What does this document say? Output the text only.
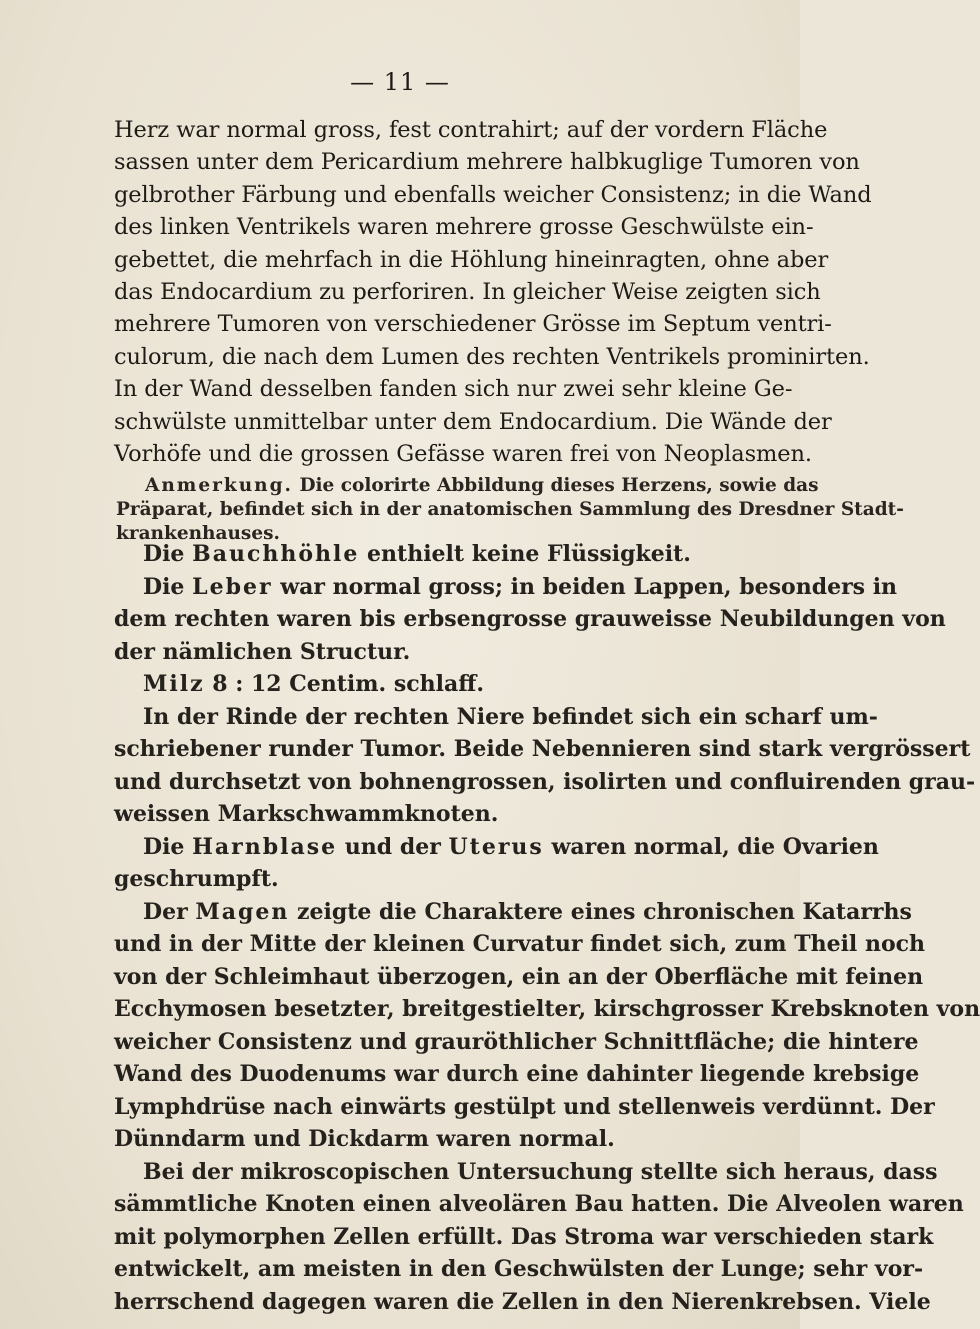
— 11 —
Herz war normal gross, fest contrahirt; auf der vordern Fläche
sassen unter dem Pericardium mehrere halbkuglige Tumoren von
gelbrother Färbung und ebenfalls weicher Consistenz; in die Wand
des linken Ventrikels waren mehrere grosse Geschwülste ein-
gebettet, die mehrfach in die Höhlung hineinragten, ohne aber
das Endocardium zu perforiren. In gleicher Weise zeigten sich
mehrere Tumoren von verschiedener Grösse im Septum ventri-
culorum, die nach dem Lumen des rechten Ventrikels prominirten.
In der Wand desselben fanden sich nur zwei sehr kleine Ge-
schwülste unmittelbar unter dem Endocardium. Die Wände der
Vorhöfe und die grossen Gefässe waren frei von Neoplasmen.
Anmerkung. Die colorirte Abbildung dieses Herzens, sowie das
Präparat, befindet sich in der anatomischen Sammlung des Dresdner Stadt-
krankenhauses.
Die Bauchhöhle enthielt keine Flüssigkeit.
Die Leber war normal gross; in beiden Lappen, besonders in
dem rechten waren bis erbsengrosse grauweisse Neubildungen von
der nämlichen Structur.
Milz 8 : 12 Centim. schlaff.
In der Rinde der rechten Niere befindet sich ein scharf um-
schriebener runder Tumor. Beide Nebennieren sind stark vergrössert
und durchsetzt von bohnengrossen, isolirten und confluirenden grau-
weissen Markschwammknoten.
Die Harnblase und der Uterus waren normal, die Ovarien
geschrumpft.
Der Magen zeigte die Charaktere eines chronischen Katarrhs
und in der Mitte der kleinen Curvatur findet sich, zum Theil noch
von der Schleimhaut überzogen, ein an der Oberfläche mit feinen
Ecchymosen besetzter, breitgestielter, kirschgrosser Krebsknoten von
weicher Consistenz und grauröthlicher Schnittfläche; die hintere
Wand des Duodenums war durch eine dahinter liegende krebsige
Lymphdrüse nach einwärts gestülpt und stellenweis verdünnt. Der
Dünndarm und Dickdarm waren normal.
Bei der mikroscopischen Untersuchung stellte sich heraus, dass
sämmtliche Knoten einen alveolären Bau hatten. Die Alveolen waren
mit polymorphen Zellen erfüllt. Das Stroma war verschieden stark
entwickelt, am meisten in den Geschwülsten der Lunge; sehr vor-
herrschend dagegen waren die Zellen in den Nierenkrebsen. Viele
